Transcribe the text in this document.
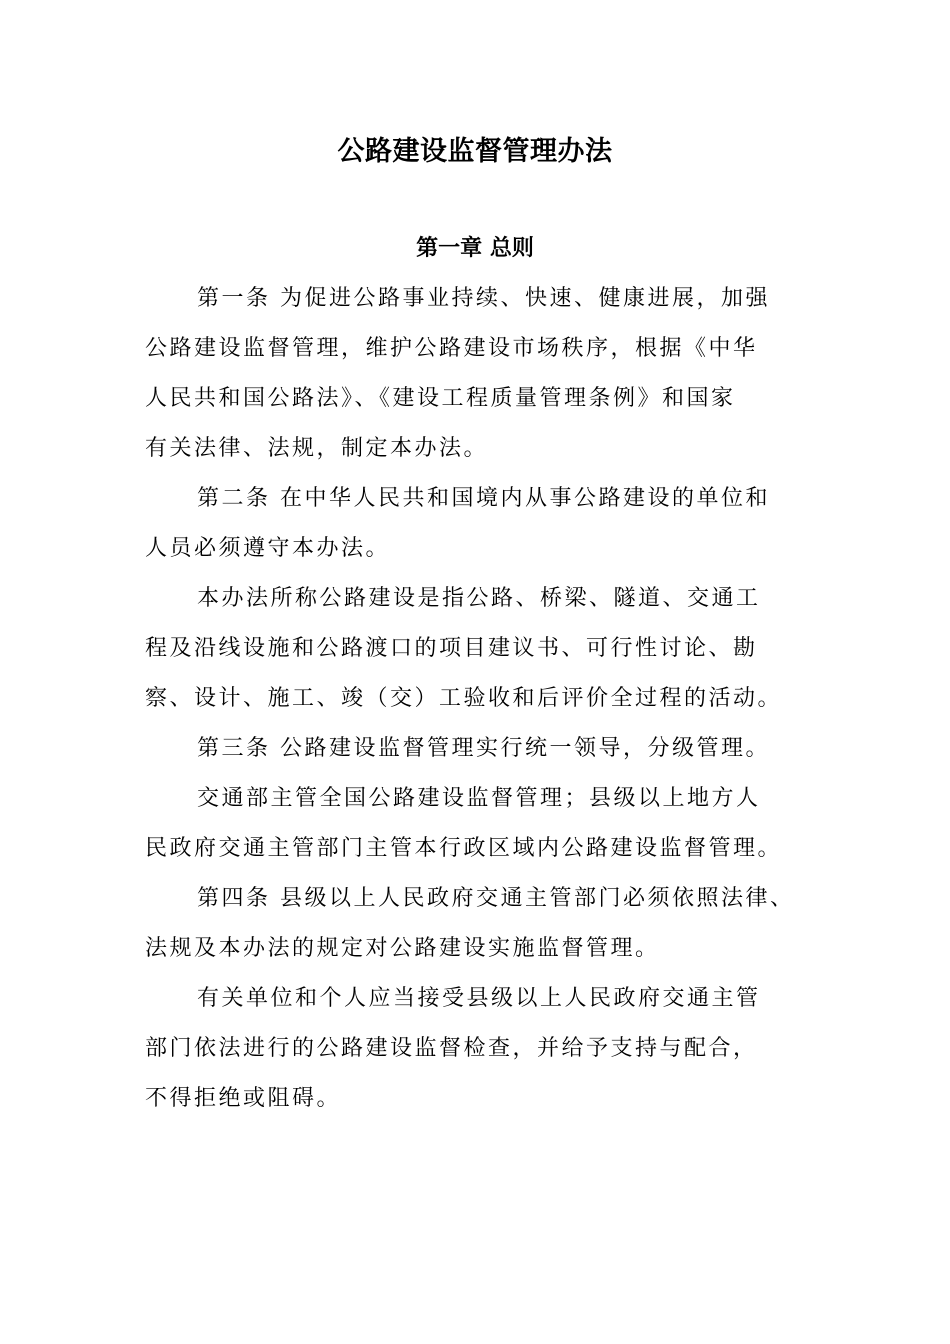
公路建设监督管理办法
第一章 总则
第一条 为促进公路事业持续、快速、健康进展，加强
公路建设监督管理，维护公路建设市场秩序，根据《中华
人民共和国公路法》、《建设工程质量管理条例》和国家
有关法律、法规，制定本办法。
第二条 在中华人民共和国境内从事公路建设的单位和
人员必须遵守本办法。
本办法所称公路建设是指公路、桥梁、隧道、交通工
程及沿线设施和公路渡口的项目建议书、可行性讨论、勘
察、设计、施工、竣（交）工验收和后评价全过程的活动。
第三条 公路建设监督管理实行统一领导，分级管理。
交通部主管全国公路建设监督管理；县级以上地方人
民政府交通主管部门主管本行政区域内公路建设监督管理。
第四条 县级以上人民政府交通主管部门必须依照法律、
法规及本办法的规定对公路建设实施监督管理。
有关单位和个人应当接受县级以上人民政府交通主管
部门依法进行的公路建设监督检查，并给予支持与配合，
不得拒绝或阻碍。
